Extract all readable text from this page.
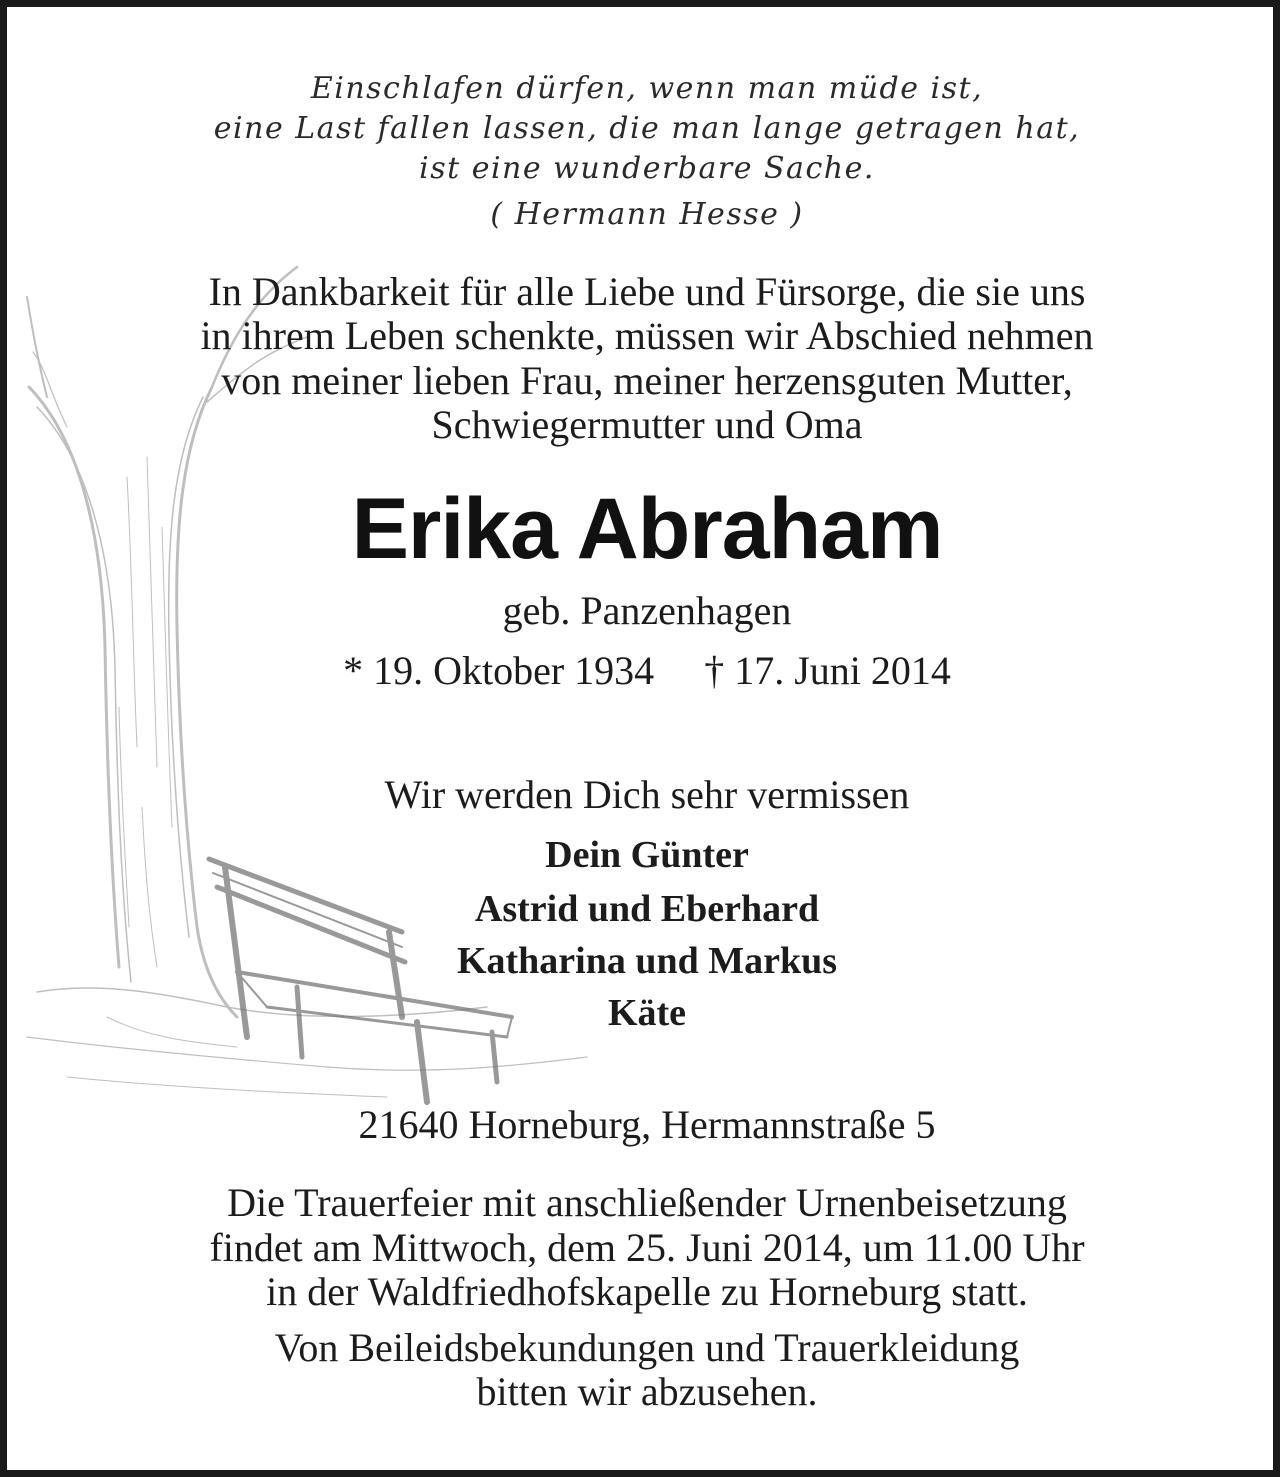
Einschlafen dürfen, wenn man müde ist,
eine Last fallen lassen, die man lange getragen hat,
ist eine wunderbare Sache.
( Hermann Hesse )
In Dankbarkeit für alle Liebe und Fürsorge, die sie uns
in ihrem Leben schenkte, müssen wir Abschied nehmen
von meiner lieben Frau, meiner herzensguten Mutter,
Schwiegermutter und Oma
Erika Abraham
geb. Panzenhagen
* 19. Oktober 1934 † 17. Juni 2014
Wir werden Dich sehr vermissen
Dein Günter
Astrid und Eberhard
Katharina und Markus
Käte
21640 Horneburg, Hermannstraße 5
Die Trauerfeier mit anschließender Urnenbeisetzung
findet am Mittwoch, dem 25. Juni 2014, um 11.00 Uhr
in der Waldfriedhofskapelle zu Horneburg statt.
Von Beileidsbekundungen und Trauerkleidung
bitten wir abzusehen.
